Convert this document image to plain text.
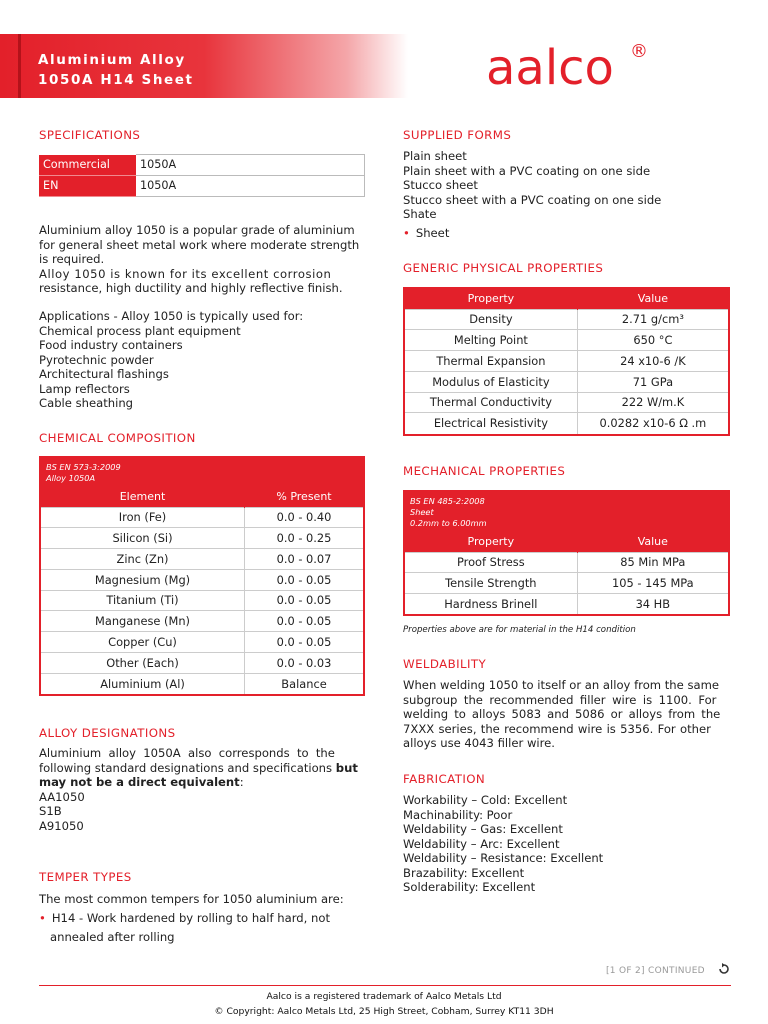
Aluminium Alloy
1050A H14 Sheet	aalco ®
SPECIFICATIONS
Commercial	1050A
EN	1050A
Aluminium alloy 1050 is a popular grade of aluminium
for general sheet metal work where moderate strength
is required.
Alloy 1050 is known for its excellent corrosion
resistance, high ductility and highly reflective finish.
Applications - Alloy 1050 is typically used for:
Chemical process plant equipment
Food industry containers
Pyrotechnic powder
Architectural flashings
Lamp reflectors
Cable sheathing
CHEMICAL COMPOSITION
BS EN 573-3:2009
Alloy 1050A
Element	% Present
Iron (Fe)	0.0 - 0.40
Silicon (Si)	0.0 - 0.25
Zinc (Zn)	0.0 - 0.07
Magnesium (Mg)	0.0 - 0.05
Titanium (Ti)	0.0 - 0.05
Manganese (Mn)	0.0 - 0.05
Copper (Cu)	0.0 - 0.05
Other (Each)	0.0 - 0.03
Aluminium (Al)	Balance
ALLOY DESIGNATIONS
Aluminium alloy 1050A also corresponds to the
following standard designations and specifications but
may not be a direct equivalent:
AA1050
S1B
A91050
TEMPER TYPES
The most common tempers for 1050 aluminium are:
• H14 - Work hardened by rolling to half hard, not
annealed after rolling
SUPPLIED FORMS
Plain sheet
Plain sheet with a PVC coating on one side
Stucco sheet
Stucco sheet with a PVC coating on one side
Shate
• Sheet
GENERIC PHYSICAL PROPERTIES
Property	Value
Density	2.71 g/cm³
Melting Point	650 °C
Thermal Expansion	24 x10-6 /K
Modulus of Elasticity	71 GPa
Thermal Conductivity	222 W/m.K
Electrical Resistivity	0.0282 x10-6 Ω .m
MECHANICAL PROPERTIES
BS EN 485-2:2008
Sheet
0.2mm to 6.00mm
Property	Value
Proof Stress	85 Min MPa
Tensile Strength	105 - 145 MPa
Hardness Brinell	34 HB
Properties above are for material in the H14 condition
WELDABILITY
When welding 1050 to itself or an alloy from the same
subgroup the recommended filler wire is 1100. For
welding to alloys 5083 and 5086 or alloys from the
7XXX series, the recommend wire is 5356. For other
alloys use 4043 filler wire.
FABRICATION
Workability – Cold: Excellent
Machinability: Poor
Weldability – Gas: Excellent
Weldability – Arc: Excellent
Weldability – Resistance: Excellent
Brazability: Excellent
Solderability: Excellent
[1 OF 2] CONTINUED
Aalco is a registered trademark of Aalco Metals Ltd
© Copyright: Aalco Metals Ltd, 25 High Street, Cobham, Surrey KT11 3DH
